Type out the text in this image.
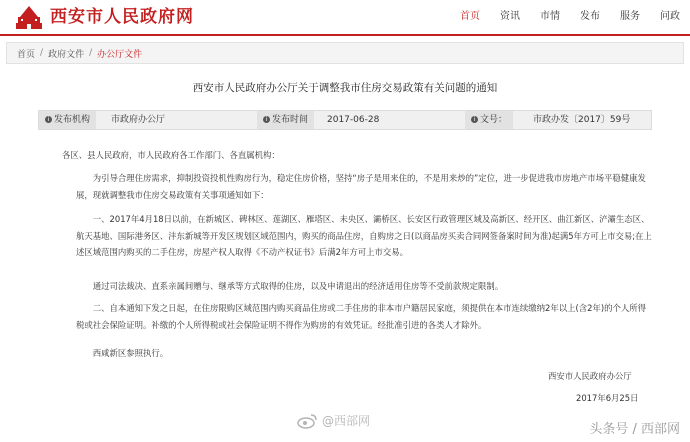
西安市人民政府网	首页	资讯	市情	发布	服务	问政
首页 / 政府文件 / 办公厅文件
西安市人民政府办公厅关于调整我市住房交易政策有关问题的通知
i 发布机构	市政府办公厅	i 发布时间	2017-06-28	i 文号：	市政办发〔2017〕59号
各区、县人民政府，市人民政府各工作部门、各直属机构：
为引导合理住房需求，抑制投资投机性购房行为，稳定住房价格，坚持“房子是用来住的，不是用来炒的”定位，进一步促进我市房地产市场平稳健康发展，现就调整我市住房交易政策有关事项通知如下：
一、2017年4月18日以前，在新城区、碑林区、莲湖区、雁塔区、未央区、灞桥区、长安区行政管理区域及高新区、经开区、曲江新区、浐灞生态区、航天基地、国际港务区、沣东新城等开发区规划区域范围内，购买的商品住房，自购房之日(以商品房买卖合同网签备案时间为准)起满5年方可上市交易;在上述区域范围内购买的二手住房，房屋产权人取得《不动产权证书》后满2年方可上市交易。
通过司法裁决、直系亲属间赠与、继承等方式取得的住房，以及申请退出的经济适用住房等不受前款规定限制。
二、自本通知下发之日起，在住房限购区域范围内购买商品住房或二手住房的非本市户籍居民家庭，须提供在本市连续缴纳2年以上(含2年)的个人所得税或社会保险证明。补缴的个人所得税或社会保险证明不得作为购房的有效凭证。经批准引进的各类人才除外。
西咸新区参照执行。
西安市人民政府办公厅
2017年6月25日
@西部网
头条号 / 西部网
